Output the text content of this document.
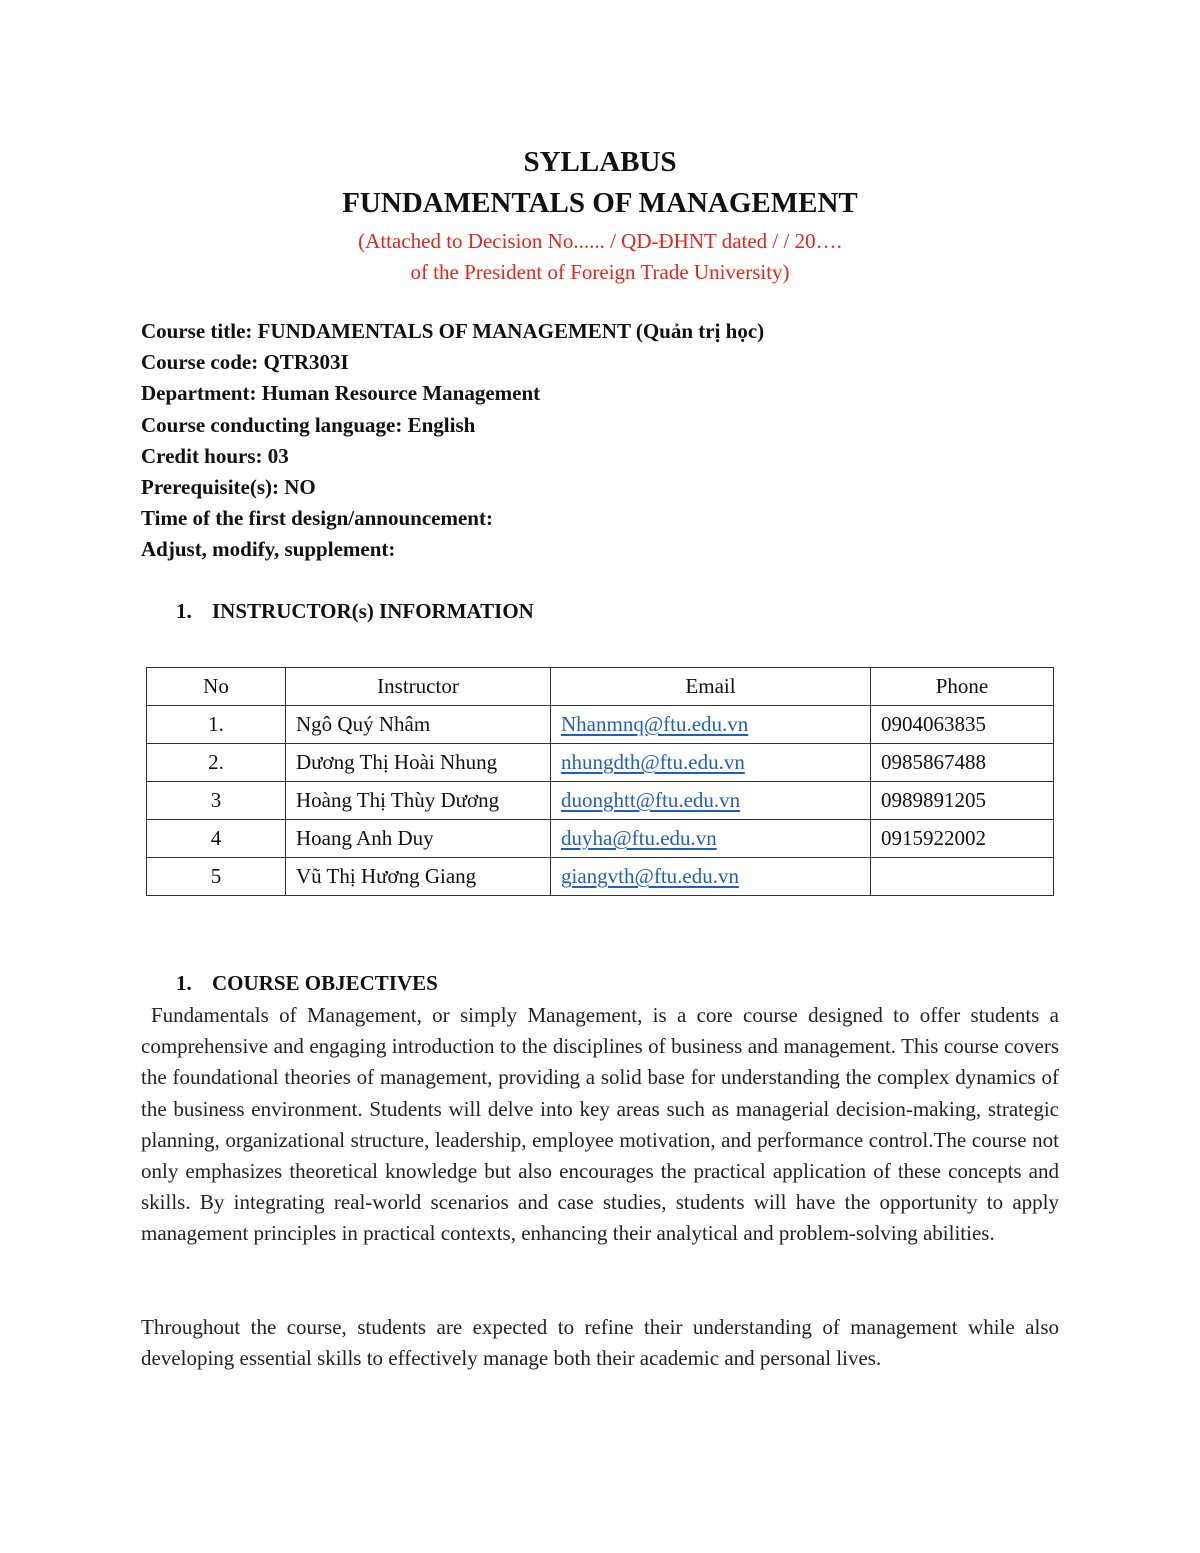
SYLLABUS
FUNDAMENTALS OF MANAGEMENT
(Attached to Decision No...... / QD-ĐHNT dated / / 20….
of the President of Foreign Trade University)
Course title: FUNDAMENTALS OF MANAGEMENT (Quản trị học)
Course code: QTR303I
Department: Human Resource Management
Course conducting language: English
Credit hours: 03
Prerequisite(s): NO
Time of the first design/announcement:
Adjust, modify, supplement:
1. INSTRUCTOR(s) INFORMATION
No	Instructor	Email	Phone
1.	Ngô Quý Nhâm	Nhanmnq@ftu.edu.vn	0904063835
2.	Dương Thị Hoài Nhung	nhungdth@ftu.edu.vn	0985867488
3	Hoàng Thị Thùy Dương	duonghtt@ftu.edu.vn	0989891205
4	Hoang Anh Duy	duyha@ftu.edu.vn	0915922002
5	Vũ Thị Hương Giang	giangvth@ftu.edu.vn	
1. COURSE OBJECTIVES
Fundamentals of Management, or simply Management, is a core course designed to offer students a comprehensive and engaging introduction to the disciplines of business and management. This course covers the foundational theories of management, providing a solid base for understanding the complex dynamics of the business environment. Students will delve into key areas such as managerial decision-making, strategic planning, organizational structure, leadership, employee motivation, and performance control.The course not only emphasizes theoretical knowledge but also encourages the practical application of these concepts and skills. By integrating real-world scenarios and case studies, students will have the opportunity to apply management principles in practical contexts, enhancing their analytical and problem-solving abilities.
Throughout the course, students are expected to refine their understanding of management while also developing essential skills to effectively manage both their academic and personal lives.
